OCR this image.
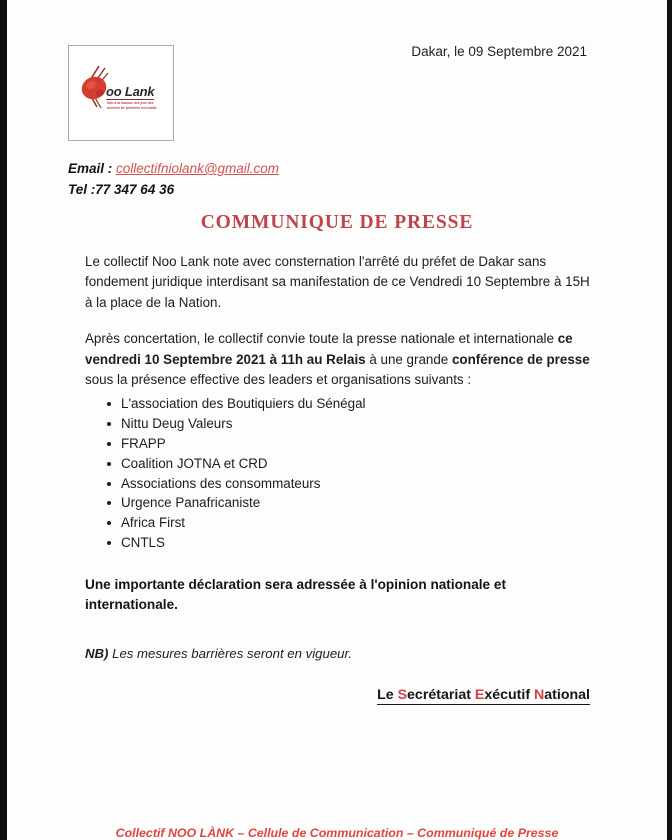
oo Lank
Non à la hausse des prix des denrées de première nécessité
Dakar, le 09 Septembre 2021
Email : collectifniolank@gmail.com
Tel :77 347 64 36
COMMUNIQUE DE PRESSE

Le collectif Noo Lank note avec consternation l'arrêté du préfet de Dakar sans fondement juridique interdisant sa manifestation de ce Vendredi 10 Septembre à 15H à la place de la Nation.

Après concertation, le collectif convie toute la presse nationale et internationale ce vendredi 10 Septembre 2021 à 11h au Relais à une grande conférence de presse sous la présence effective des leaders et organisations suivants :

L'association des Boutiquiers du Sénégal
Nittu Deug Valeurs
FRAPP
Coalition JOTNA et CRD
Associations des consommateurs
Urgence Panafricaniste
Africa First
CNTLS

Une importante déclaration sera adressée à l'opinion nationale et internationale.

NB) Les mesures barrières seront en vigueur.

Le Secrétariat Exécutif National
Collectif NOO LÀNK – Cellule de Communication – Communiqué de Presse
